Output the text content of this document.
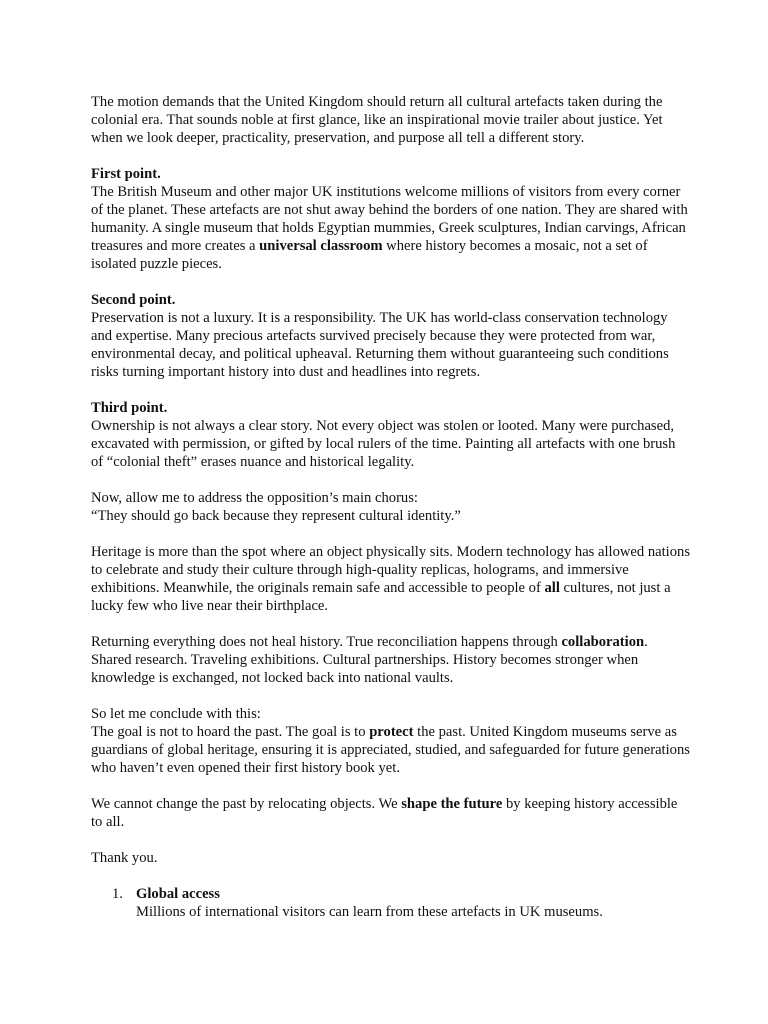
The motion demands that the United Kingdom should return all cultural artefacts taken during the colonial era. That sounds noble at first glance, like an inspirational movie trailer about justice. Yet when we look deeper, practicality, preservation, and purpose all tell a different story.

First point.
The British Museum and other major UK institutions welcome millions of visitors from every corner of the planet. These artefacts are not shut away behind the borders of one nation. They are shared with humanity. A single museum that holds Egyptian mummies, Greek sculptures, Indian carvings, African treasures and more creates a universal classroom where history becomes a mosaic, not a set of isolated puzzle pieces.

Second point.
Preservation is not a luxury. It is a responsibility. The UK has world-class conservation technology and expertise. Many precious artefacts survived precisely because they were protected from war, environmental decay, and political upheaval. Returning them without guaranteeing such conditions risks turning important history into dust and headlines into regrets.

Third point.
Ownership is not always a clear story. Not every object was stolen or looted. Many were purchased, excavated with permission, or gifted by local rulers of the time. Painting all artefacts with one brush of “colonial theft” erases nuance and historical legality.

Now, allow me to address the opposition’s main chorus:
“They should go back because they represent cultural identity.”

Heritage is more than the spot where an object physically sits. Modern technology has allowed nations to celebrate and study their culture through high-quality replicas, holograms, and immersive exhibitions. Meanwhile, the originals remain safe and accessible to people of all cultures, not just a lucky few who live near their birthplace.

Returning everything does not heal history. True reconciliation happens through collaboration. Shared research. Traveling exhibitions. Cultural partnerships. History becomes stronger when knowledge is exchanged, not locked back into national vaults.

So let me conclude with this:
The goal is not to hoard the past. The goal is to protect the past. United Kingdom museums serve as guardians of global heritage, ensuring it is appreciated, studied, and safeguarded for future generations who haven’t even opened their first history book yet.

We cannot change the past by relocating objects. We shape the future by keeping history accessible to all.

Thank you.

1. Global access
Millions of international visitors can learn from these artefacts in UK museums.
